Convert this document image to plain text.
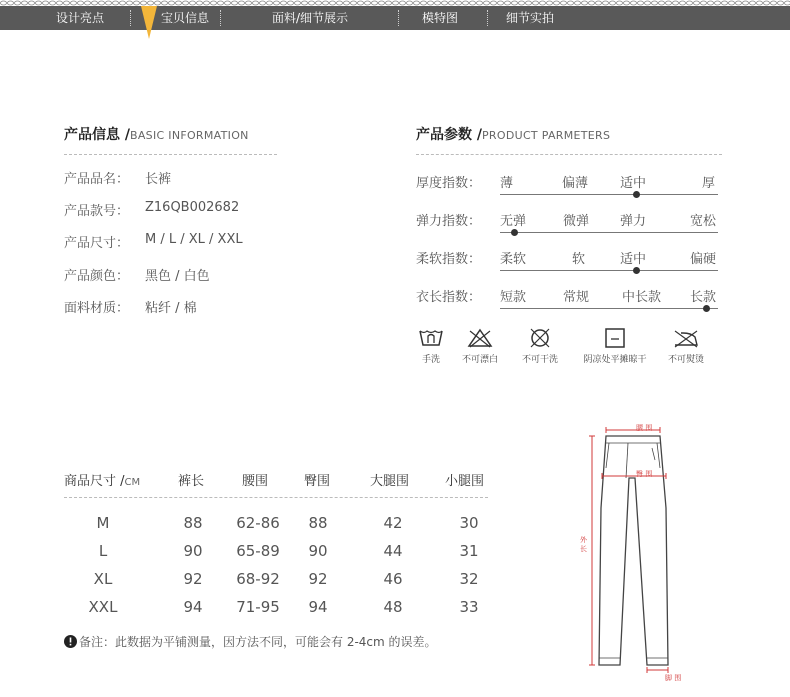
设计亮点	宝贝信息	面料/细节展示	模特图	细节实拍
产品信息 /BASIC INFORMATION
产品品名： 长裤
产品款号： Z16QB002682
产品尺寸： M / L / XL / XXL
产品颜色： 黑色 / 白色
面料材质： 粘纤 / 棉
产品参数 /PRODUCT PARMETERS
厚度指数： 薄	偏薄 适中	厚
弹力指数： 无弹	微弹 弹力	宽松
柔软指数： 柔软	软	适中	偏硬
衣长指数： 短款	常规	中长款 长款
手洗	不可漂白	不可干洗	阴凉处平摊晾干	不可熨烫
商品尺寸 /CM	裤长	腰围	臀围	大腿围	小腿围
M	88	62-86	88	42	30
L	90	65-89	90	44	31
XL	92	68-92	92	46	32
XXL	94	71-95	94	48	33
备注：此数据为平铺测量，因方法不同，可能会有 2-4cm 的误差。
腰 围
臀 围
外长
脚 围
